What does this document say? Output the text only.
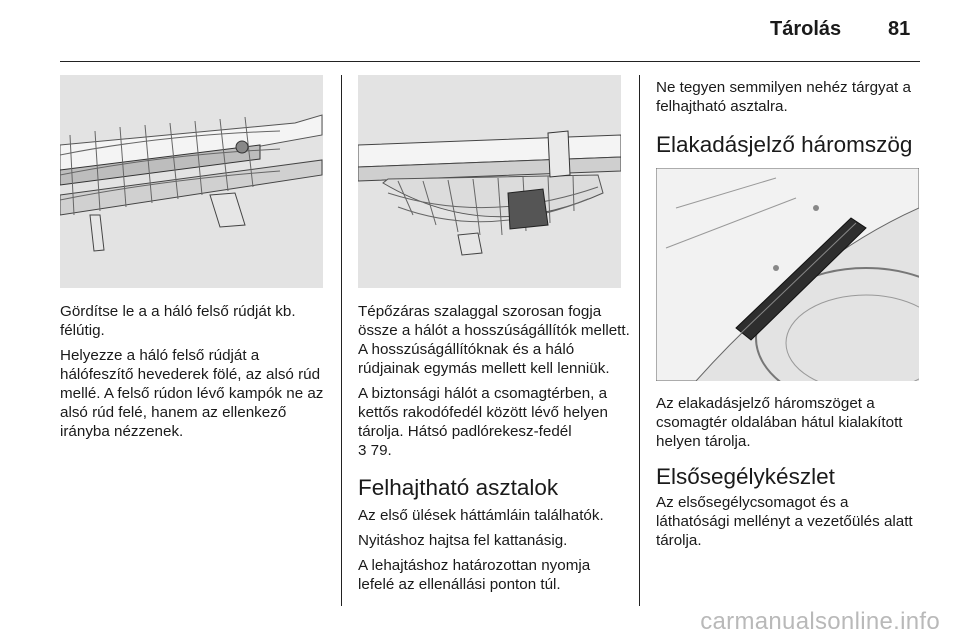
Tárolás 81

Gördítse le a a háló felső rúdját kb. félútig.

Helyezze a háló felső rúdját a hálófeszítő hevederek fölé, az alsó rúd mellé. A felső rúdon lévő kampók ne az alsó rúd felé, hanem az ellenkező irányba nézzenek.

Tépőzáras szalaggal szorosan fogja össze a hálót a hosszúságállítók mellett. A hosszúságállítóknak és a háló rúdjainak egymás mellett kell lenniük.

A biztonsági hálót a csomagtérben, a kettős rakodófedél között lévő helyen tárolja. Hátsó padlórekesz-fedél

3 79.

Felhajtható asztalok

Az első ülések háttámláin találhatók.

Nyitáshoz hajtsa fel kattanásig.

A lehajtáshoz határozottan nyomja lefelé az ellenállási ponton túl.

Ne tegyen semmilyen nehéz tárgyat a felhajtható asztalra.

Elakadásjelző háromszög

Az elakadásjelző háromszöget a csomagtér oldalában hátul kialakított helyen tárolja.

Elsősegélykészlet

Az elsősegélycsomagot és a láthatósági mellényt a vezetőülés alatt tárolja.

carmanualsonline.info
